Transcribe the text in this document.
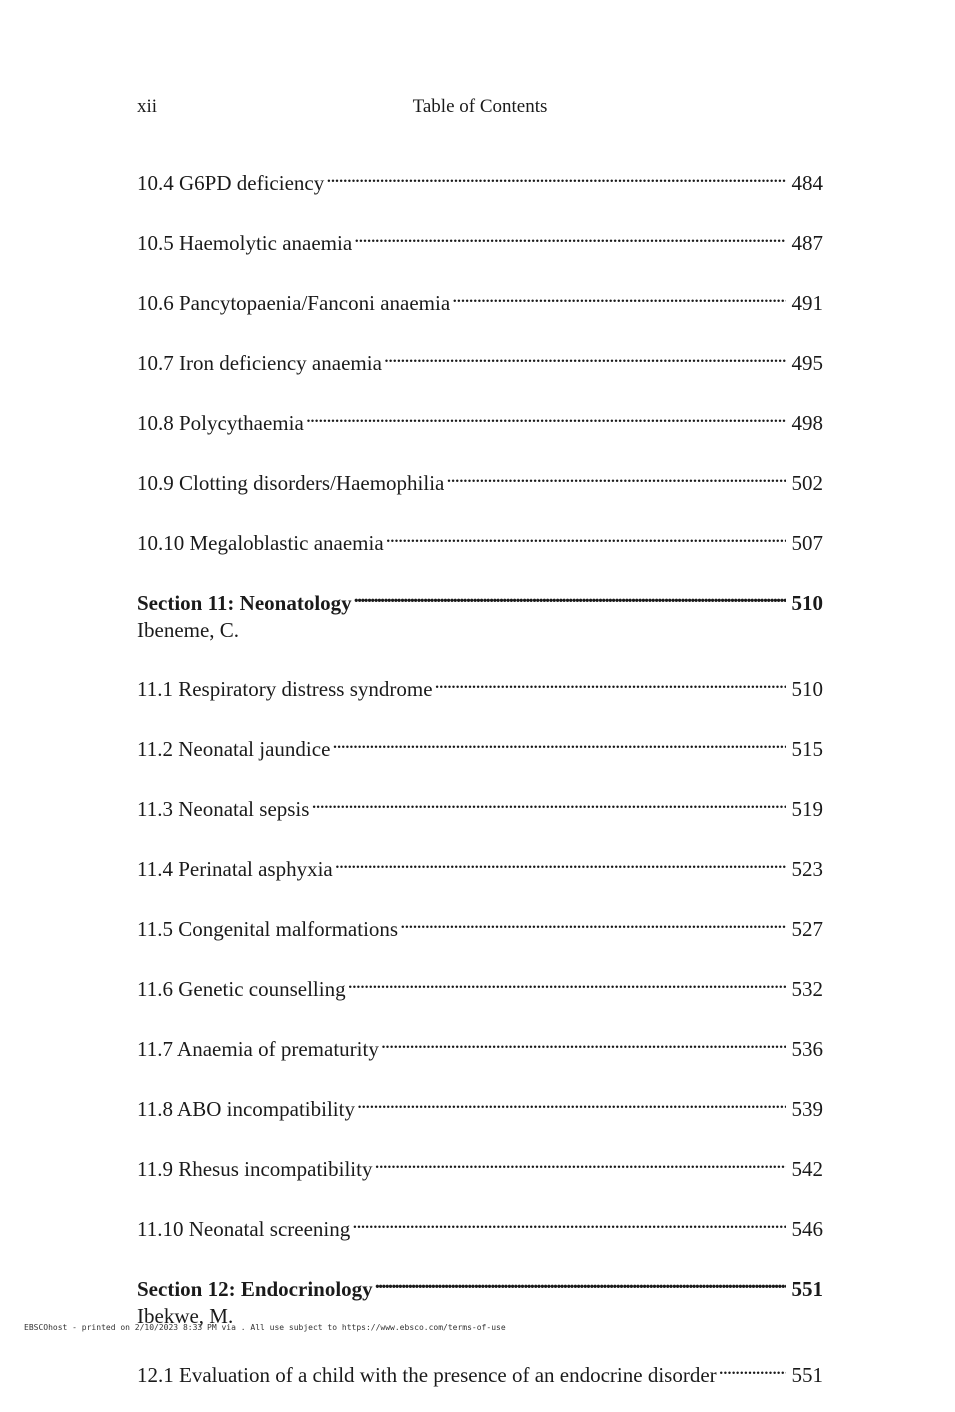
xii	Table of Contents
10.4 G6PD deficiency . . .	484
10.5 Haemolytic anaemia . . .	487
10.6 Pancytopaenia/Fanconi anaemia . . .	491
10.7 Iron deficiency anaemia . . .	495
10.8 Polycythaemia . . .	498
10.9 Clotting disorders/Haemophilia . . .	502
10.10 Megaloblastic anaemia . . .	507
Section 11: Neonatology . . .	510
Ibeneme, C.
11.1 Respiratory distress syndrome . . .	510
11.2 Neonatal jaundice . . .	515
11.3 Neonatal sepsis . . .	519
11.4 Perinatal asphyxia . . .	523
11.5 Congenital malformations . . .	527
11.6 Genetic counselling . . .	532
11.7 Anaemia of prematurity . . .	536
11.8 ABO incompatibility . . .	539
11.9 Rhesus incompatibility . . .	542
11.10 Neonatal screening . . .	546
Section 12: Endocrinology . . .	551
Ibekwe, M.
12.1 Evaluation of a child with the presence of an endocrine disorder . . .	551
EBSCOhost - printed on 2/10/2023 8:33 PM via . All use subject to https://www.ebsco.com/terms-of-use
